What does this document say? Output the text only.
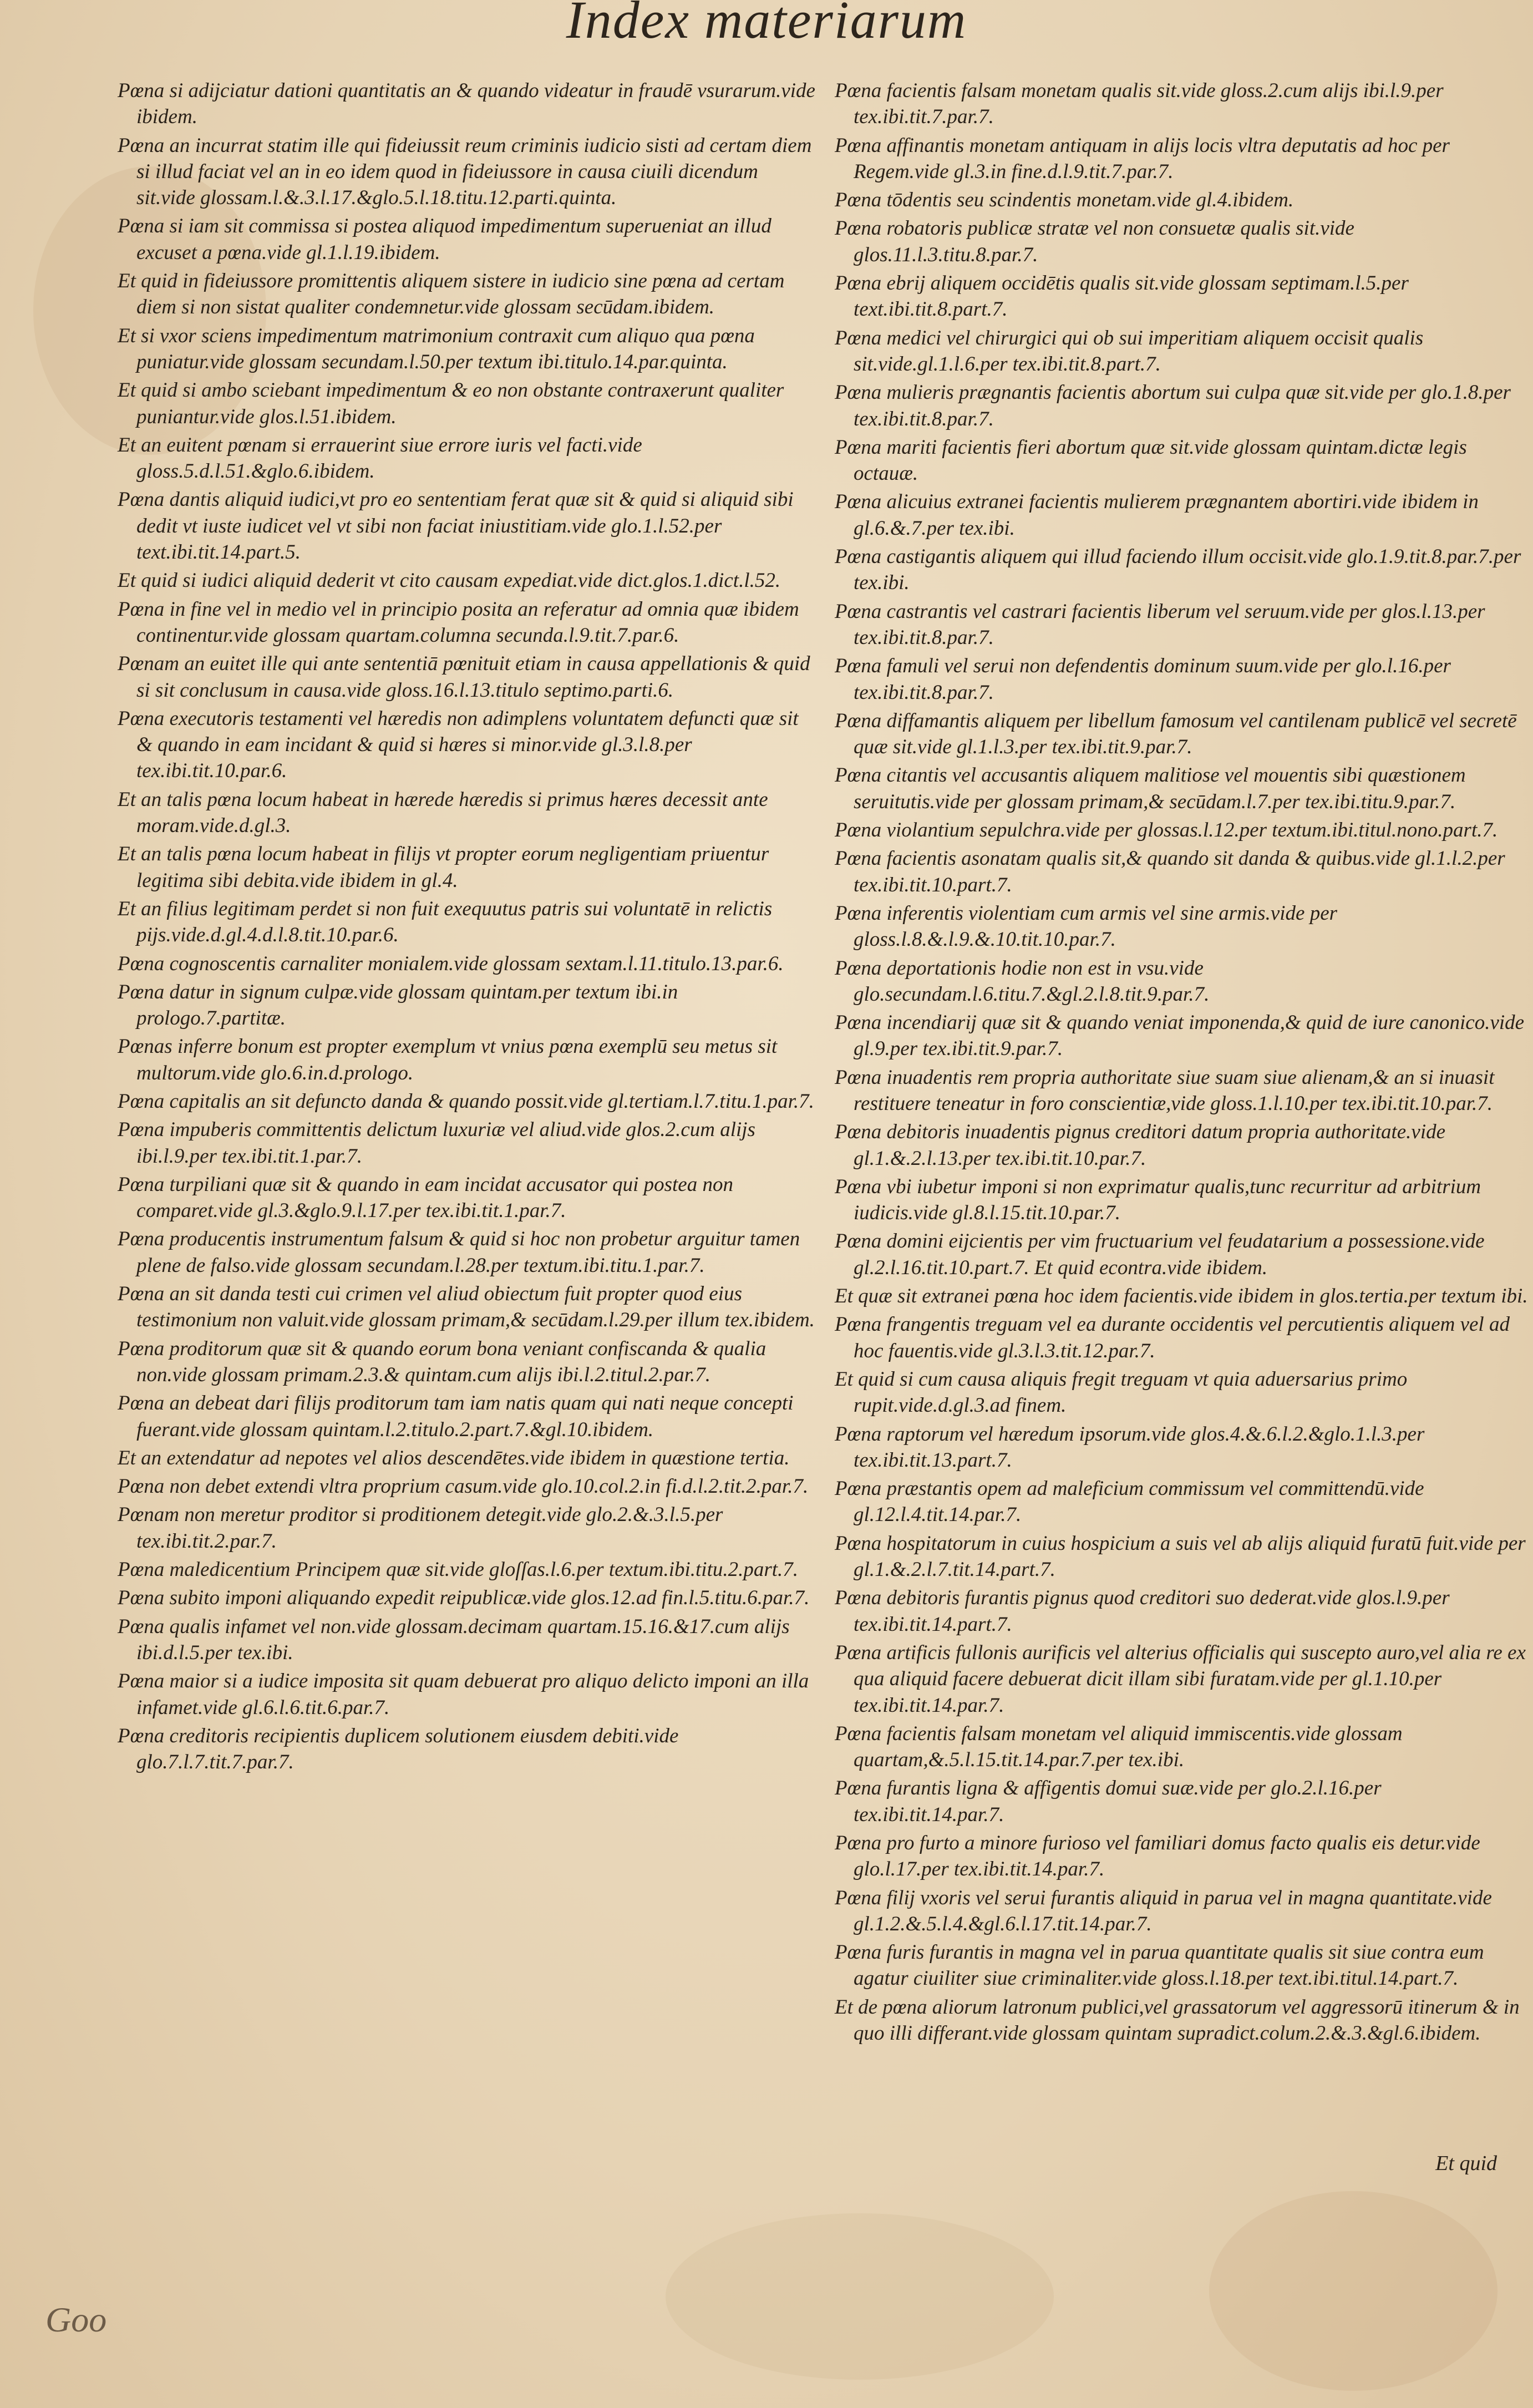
Index materiarum

Pœna si adijciatur dationi quantitatis an & quando videatur in fraudē vsurarum.vide ibidem.

Pœna an incurrat statim ille qui fideiussit reum criminis iudicio sisti ad certam diem si illud faciat vel an in eo idem quod in fideiussore in causa ciuili dicendum sit.vide glossam.l.&.3.l.17.&glo.5.l.18.titu.12.parti.quinta.

Pœna si iam sit commissa si postea aliquod impedimentum superueniat an illud excuset a pœna.vide gl.1.l.19.ibidem.

Et quid in fideiussore promittentis aliquem sistere in iudicio sine pœna ad certam diem si non sistat qualiter condemnetur.vide glossam secūdam.ibidem.

Et si vxor sciens impedimentum matrimonium contraxit cum aliquo qua pœna puniatur.vide glossam secundam.l.50.per textum ibi.titulo.14.par.quinta.

Et quid si ambo sciebant impedimentum & eo non obstante contraxerunt qualiter puniantur.vide glos.l.51.ibidem.

Et an euitent pœnam si errauerint siue errore iuris vel facti.vide gloss.5.d.l.51.&glo.6.ibidem.

Pœna dantis aliquid iudici,vt pro eo sententiam ferat quæ sit & quid si aliquid sibi dedit vt iuste iudicet vel vt sibi non faciat iniustitiam.vide glo.1.l.52.per text.ibi.tit.14.part.5.

Et quid si iudici aliquid dederit vt cito causam expediat.vide dict.glos.1.dict.l.52.

Pœna in fine vel in medio vel in principio posita an referatur ad omnia quæ ibidem continentur.vide glossam quartam.columna secunda.l.9.tit.7.par.6.

Pœnam an euitet ille qui ante sententiā pœnituit etiam in causa appellationis & quid si sit conclusum in causa.vide gloss.16.l.13.titulo septimo.parti.6.

Pœna executoris testamenti vel hæredis non adimplens voluntatem defuncti quæ sit & quando in eam incidant & quid si hæres si minor.vide gl.3.l.8.per tex.ibi.tit.10.par.6.

Et an talis pœna locum habeat in hærede hæredis si primus hæres decessit ante moram.vide.d.gl.3.

Et an talis pœna locum habeat in filijs vt propter eorum negligentiam priuentur legitima sibi debita.vide ibidem in gl.4.

Et an filius legitimam perdet si non fuit exequutus patris sui voluntatē in relictis pijs.vide.d.gl.4.d.l.8.tit.10.par.6.

Pœna cognoscentis carnaliter monialem.vide glossam sextam.l.11.titulo.13.par.6.

Pœna datur in signum culpæ.vide glossam quintam.per textum ibi.in prologo.7.partitæ.

Pœnas inferre bonum est propter exemplum vt vnius pœna exemplū seu metus sit multorum.vide glo.6.in.d.prologo.

Pœna capitalis an sit defuncto danda & quando possit.vide gl.tertiam.l.7.titu.1.par.7.

Pœna impuberis committentis delictum luxuriæ vel aliud.vide glos.2.cum alijs ibi.l.9.per tex.ibi.tit.1.par.7.

Pœna turpiliani quæ sit & quando in eam incidat accusator qui postea non comparet.vide gl.3.&glo.9.l.17.per tex.ibi.tit.1.par.7.

Pœna producentis instrumentum falsum & quid si hoc non probetur arguitur tamen plene de falso.vide glossam secundam.l.28.per textum.ibi.titu.1.par.7.

Pœna an sit danda testi cui crimen vel aliud obiectum fuit propter quod eius testimonium non valuit.vide glossam primam,& secūdam.l.29.per illum tex.ibidem.

Pœna proditorum quæ sit & quando eorum bona veniant confiscanda & qualia non.vide glossam primam.2.3.& quintam.cum alijs ibi.l.2.titul.2.par.7.

Pœna an debeat dari filijs proditorum tam iam natis quam qui nati neque concepti fuerant.vide glossam quintam.l.2.titulo.2.part.7.&gl.10.ibidem.

Et an extendatur ad nepotes vel alios descendētes.vide ibidem in quæstione tertia.

Pœna non debet extendi vltra proprium casum.vide glo.10.col.2.in fi.d.l.2.tit.2.par.7.

Pœnam non meretur proditor si proditionem detegit.vide glo.2.&.3.l.5.per tex.ibi.tit.2.par.7.

Pœna maledicentium Principem quæ sit.vide gloſſas.l.6.per textum.ibi.titu.2.part.7.

Pœna subito imponi aliquando expedit reipublicæ.vide glos.12.ad fin.l.5.titu.6.par.7.

Pœna qualis infamet vel non.vide glossam.decimam quartam.15.16.&17.cum alijs ibi.d.l.5.per tex.ibi.

Pœna maior si a iudice imposita sit quam debuerat pro aliquo delicto imponi an illa infamet.vide gl.6.l.6.tit.6.par.7.

Pœna creditoris recipientis duplicem solutionem eiusdem debiti.vide glo.7.l.7.tit.7.par.7.

Pœna facientis falsam monetam qualis sit.vide gloss.2.cum alijs ibi.l.9.per tex.ibi.tit.7.par.7.

Pœna affinantis monetam antiquam in alijs locis vltra deputatis ad hoc per Regem.vide gl.3.in fine.d.l.9.tit.7.par.7.

Pœna tōdentis seu scindentis monetam.vide gl.4.ibidem.

Pœna robatoris publicæ stratæ vel non consuetæ qualis sit.vide glos.11.l.3.titu.8.par.7.

Pœna ebrij aliquem occidētis qualis sit.vide glossam septimam.l.5.per text.ibi.tit.8.part.7.

Pœna medici vel chirurgici qui ob sui imperitiam aliquem occisit qualis sit.vide.gl.1.l.6.per tex.ibi.tit.8.part.7.

Pœna mulieris prægnantis facientis abortum sui culpa quæ sit.vide per glo.1.8.per tex.ibi.tit.8.par.7.

Pœna mariti facientis fieri abortum quæ sit.vide glossam quintam.dictæ legis octauæ.

Pœna alicuius extranei facientis mulierem prægnantem abortiri.vide ibidem in gl.6.&.7.per tex.ibi.

Pœna castigantis aliquem qui illud faciendo illum occisit.vide glo.1.9.tit.8.par.7.per tex.ibi.

Pœna castrantis vel castrari facientis liberum vel seruum.vide per glos.l.13.per tex.ibi.tit.8.par.7.

Pœna famuli vel serui non defendentis dominum suum.vide per glo.l.16.per tex.ibi.tit.8.par.7.

Pœna diffamantis aliquem per libellum famosum vel cantilenam publicē vel secretē quæ sit.vide gl.1.l.3.per tex.ibi.tit.9.par.7.

Pœna citantis vel accusantis aliquem malitiose vel mouentis sibi quæstionem seruitutis.vide per glossam primam,& secūdam.l.7.per tex.ibi.titu.9.par.7.

Pœna violantium sepulchra.vide per glossas.l.12.per textum.ibi.titul.nono.part.7.

Pœna facientis asonatam qualis sit,& quando sit danda & quibus.vide gl.1.l.2.per tex.ibi.tit.10.part.7.

Pœna inferentis violentiam cum armis vel sine armis.vide per gloss.l.8.&.l.9.&.10.tit.10.par.7.

Pœna deportationis hodie non est in vsu.vide glo.secundam.l.6.titu.7.&gl.2.l.8.tit.9.par.7.

Pœna incendiarij quæ sit & quando veniat imponenda,& quid de iure canonico.vide gl.9.per tex.ibi.tit.9.par.7.

Pœna inuadentis rem propria authoritate siue suam siue alienam,& an si inuasit restituere teneatur in foro conscientiæ,vide gloss.1.l.10.per tex.ibi.tit.10.par.7.

Pœna debitoris inuadentis pignus creditori datum propria authoritate.vide gl.1.&.2.l.13.per tex.ibi.tit.10.par.7.

Pœna vbi iubetur imponi si non exprimatur qualis,tunc recurritur ad arbitrium iudicis.vide gl.8.l.15.tit.10.par.7.

Pœna domini eijcientis per vim fructuarium vel feudatarium a possessione.vide gl.2.l.16.tit.10.part.7. Et quid econtra.vide ibidem.

Et quæ sit extranei pœna hoc idem facientis.vide ibidem in glos.tertia.per textum ibi.

Pœna frangentis treguam vel ea durante occidentis vel percutientis aliquem vel ad hoc fauentis.vide gl.3.l.3.tit.12.par.7.

Et quid si cum causa aliquis fregit treguam vt quia aduersarius primo rupit.vide.d.gl.3.ad finem.

Pœna raptorum vel hæredum ipsorum.vide glos.4.&.6.l.2.&glo.1.l.3.per tex.ibi.tit.13.part.7.

Pœna præstantis opem ad maleficium commissum vel committendū.vide gl.12.l.4.tit.14.par.7.

Pœna hospitatorum in cuius hospicium a suis vel ab alijs aliquid furatū fuit.vide per gl.1.&.2.l.7.tit.14.part.7.

Pœna debitoris furantis pignus quod creditori suo dederat.vide glos.l.9.per tex.ibi.tit.14.part.7.

Pœna artificis fullonis aurificis vel alterius officialis qui suscepto auro,vel alia re ex qua aliquid facere debuerat dicit illam sibi furatam.vide per gl.1.10.per tex.ibi.tit.14.par.7.

Pœna facientis falsam monetam vel aliquid immiscentis.vide glossam quartam,&.5.l.15.tit.14.par.7.per tex.ibi.

Pœna furantis ligna & affigentis domui suæ.vide per glo.2.l.16.per tex.ibi.tit.14.par.7.

Pœna pro furto a minore furioso vel familiari domus facto qualis eis detur.vide glo.l.17.per tex.ibi.tit.14.par.7.

Pœna filij vxoris vel serui furantis aliquid in parua vel in magna quantitate.vide gl.1.2.&.5.l.4.&gl.6.l.17.tit.14.par.7.

Pœna furis furantis in magna vel in parua quantitate qualis sit siue contra eum agatur ciuiliter siue criminaliter.vide gloss.l.18.per text.ibi.titul.14.part.7.

Et de pœna aliorum latronum publici,vel grassatorum vel aggressorū itinerum & in quo illi differant.vide glossam quintam supradict.colum.2.&.3.&gl.6.ibidem.

Et quid
Goo
